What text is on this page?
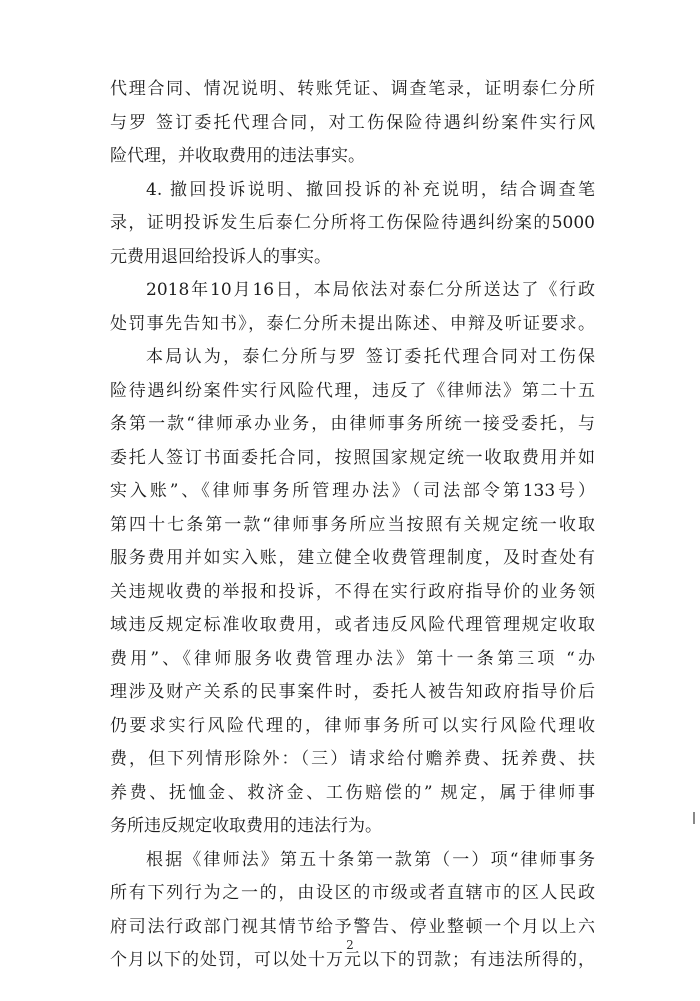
代理合同、情况说明、转账凭证、调查笔录，证明泰仁分所
与罗 签订委托代理合同，对工伤保险待遇纠纷案件实行风
险代理，并收取费用的违法事实。
4. 撤回投诉说明、撤回投诉的补充说明，结合调查笔
录，证明投诉发生后泰仁分所将工伤保险待遇纠纷案的5000
元费用退回给投诉人的事实。
2018年10月16日，本局依法对泰仁分所送达了《行政
处罚事先告知书》，泰仁分所未提出陈述、申辩及听证要求。
本局认为，泰仁分所与罗 签订委托代理合同对工伤保
险待遇纠纷案件实行风险代理，违反了《律师法》第二十五
条第一款“律师承办业务，由律师事务所统一接受委托，与
委托人签订书面委托合同，按照国家规定统一收取费用并如
实入账”、《律师事务所管理办法》（司法部令第133号）
第四十七条第一款“律师事务所应当按照有关规定统一收取
服务费用并如实入账，建立健全收费管理制度，及时查处有
关违规收费的举报和投诉，不得在实行政府指导价的业务领
域违反规定标准收取费用，或者违反风险代理管理规定收取
费用”、《律师服务收费管理办法》第十一条第三项 “办
理涉及财产关系的民事案件时，委托人被告知政府指导价后
仍要求实行风险代理的，律师事务所可以实行风险代理收
费，但下列情形除外：（三）请求给付赡养费、抚养费、扶
养费、抚恤金、救济金、工伤赔偿的” 规定，属于律师事
务所违反规定收取费用的违法行为。
根据《律师法》第五十条第一款第（一）项“律师事务
所有下列行为之一的，由设区的市级或者直辖市的区人民政
府司法行政部门视其情节给予警告、停业整顿一个月以上六
个月以下的处罚，可以处十万元以下的罚款；有违法所得的，
2
